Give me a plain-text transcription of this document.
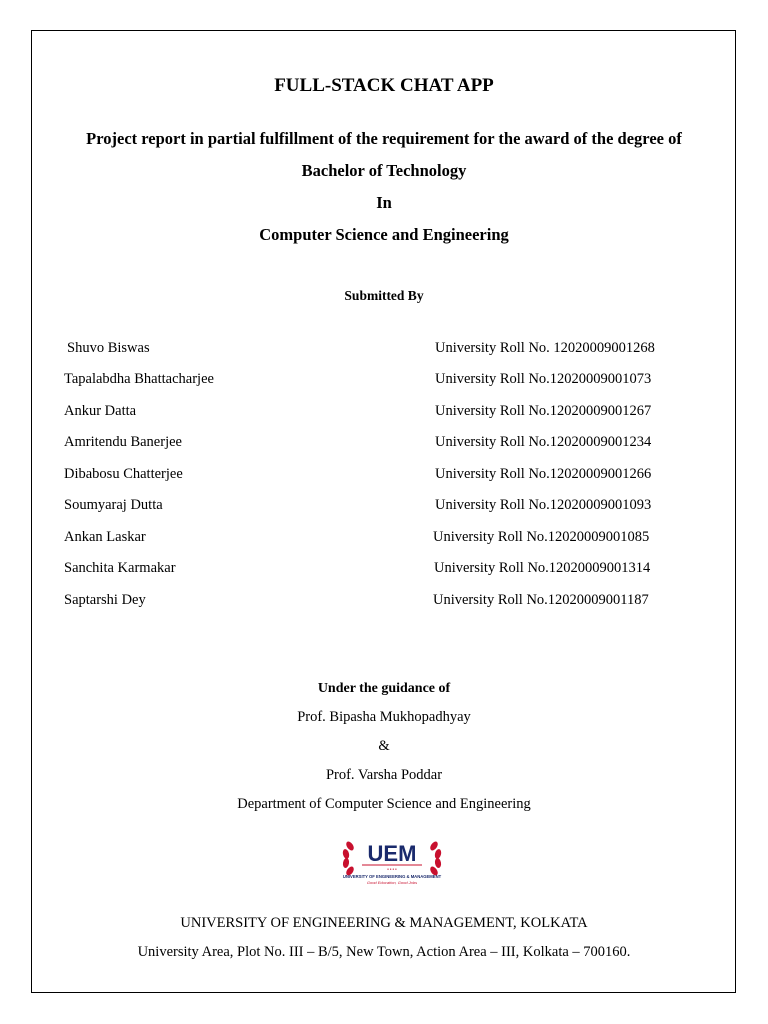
FULL-STACK CHAT APP
Project report in partial fulfillment of the requirement for the award of the degree of
Bachelor of Technology
In
Computer Science and Engineering
Submitted By
Shuvo Biswas	University Roll No. 12020009001268
Tapalabdha Bhattacharjee	University Roll No.12020009001073
Ankur Datta	University Roll No.12020009001267
Amritendu Banerjee	University Roll No.12020009001234
Dibabosu Chatterjee	University Roll No.12020009001266
Soumyaraj Dutta	University Roll No.12020009001093
Ankan Laskar	University Roll No.12020009001085
Sanchita Karmakar	University Roll No.12020009001314
Saptarshi Dey	University Roll No.12020009001187
Under the guidance of
Prof. Bipasha Mukhopadhyay
&
Prof. Varsha Poddar
Department of Computer Science and Engineering
UEM
● ● ● ●
UNIVERSITY OF ENGINEERING & MANAGEMENT
Good Education, Good Jobs
UNIVERSITY OF ENGINEERING & MANAGEMENT, KOLKATA
University Area, Plot No. III – B/5, New Town, Action Area – III, Kolkata – 700160.
